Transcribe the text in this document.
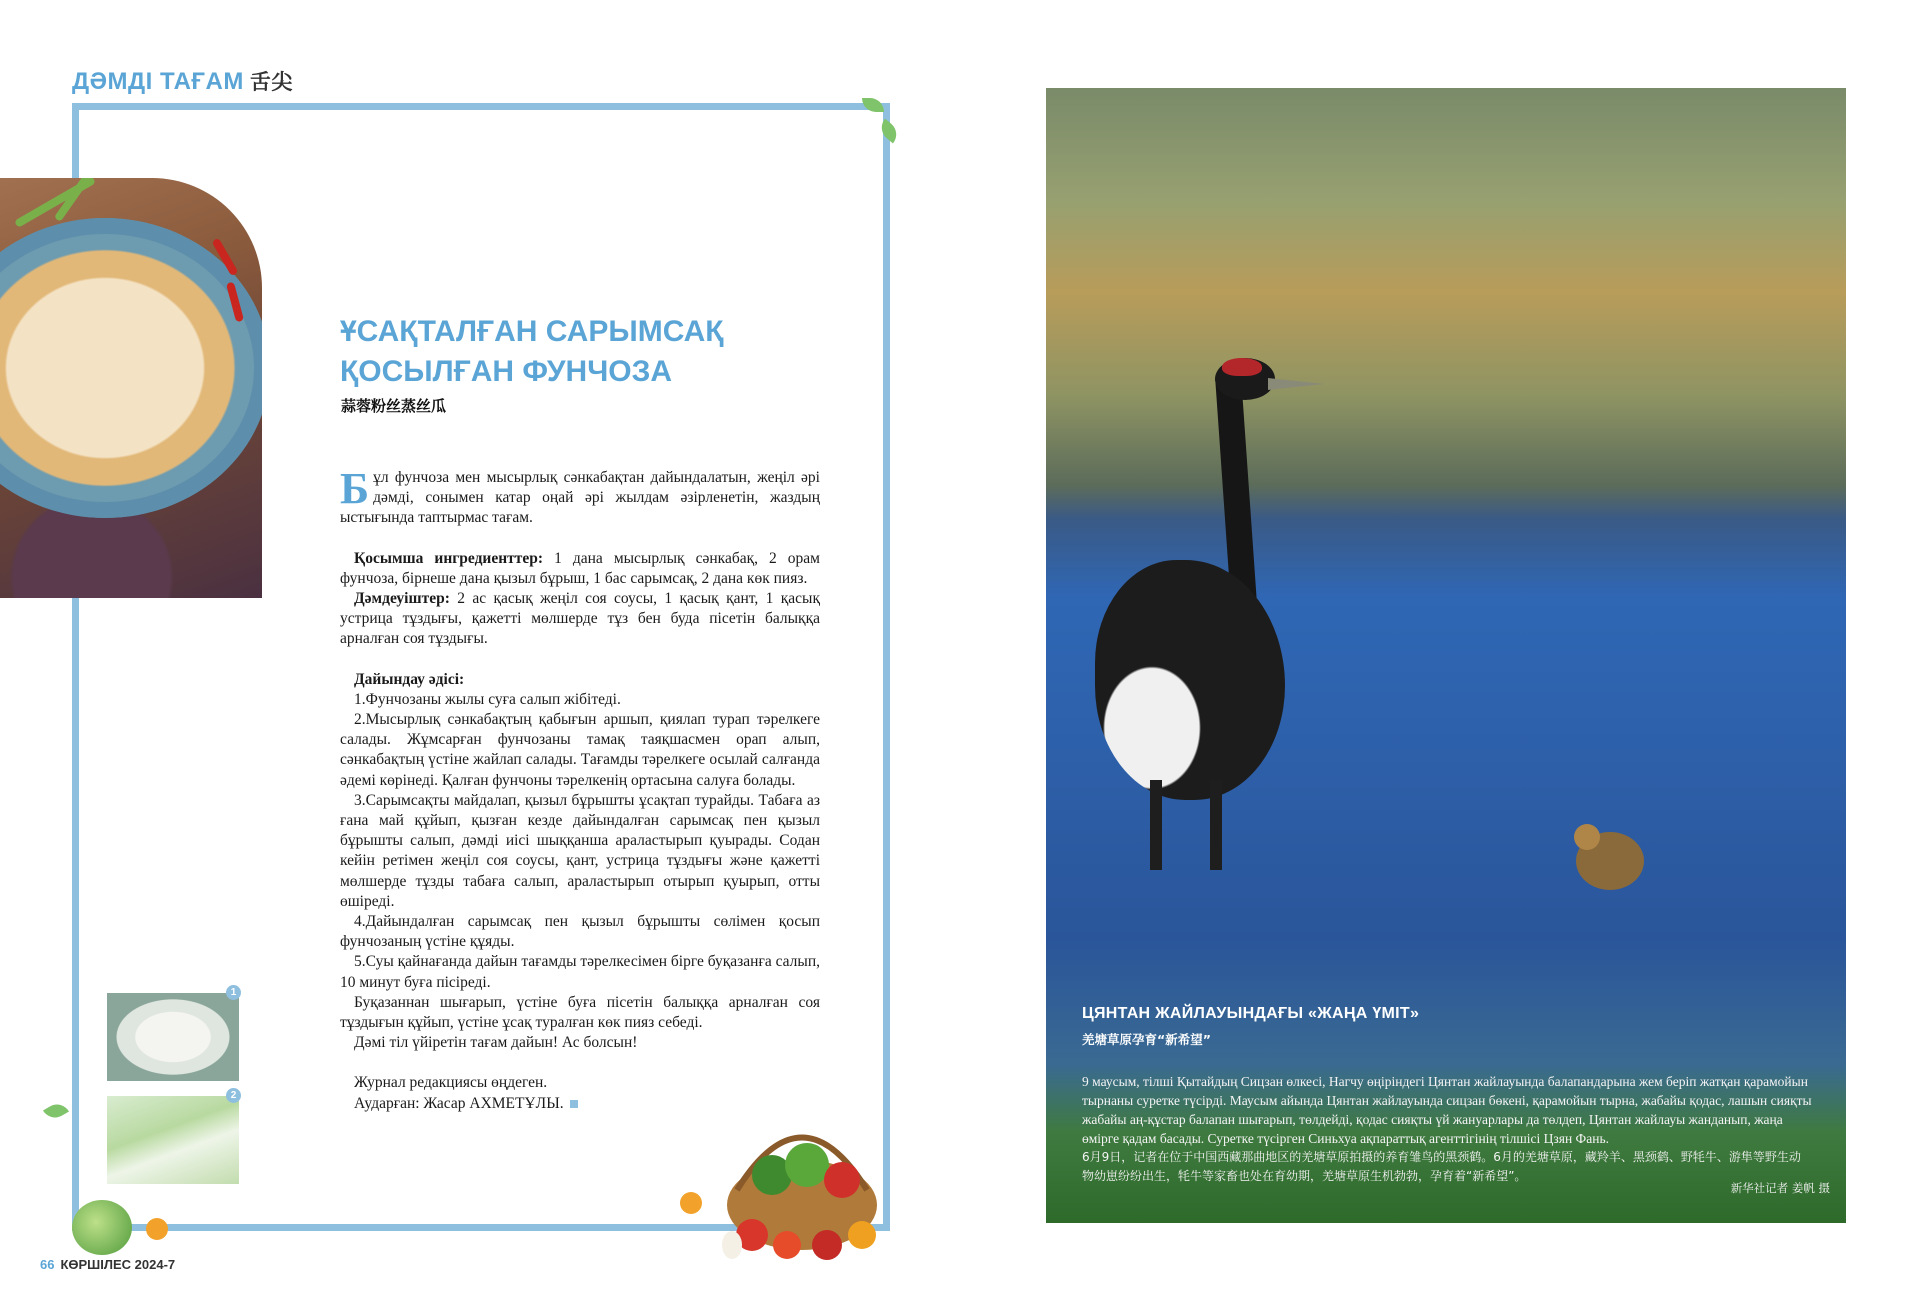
ДӘМДІ ТАҒАМ 舌尖
ҰСАҚТАЛҒАН САРЫМСАҚ ҚОСЫЛҒАН ФУНЧОЗА
蒜蓉粉丝蒸丝瓜

Бұл фунчоза мен мысырлық сәнкабақтан дайындалатын, жеңіл әрі дәмді, сонымен катар оңай әрі жылдам әзірленетін, жаздың ыстығында таптырмас тағам.

Қосымша ингредиенттер: 1 дана мысырлық сәнкабақ, 2 орам фунчоза, бірнеше дана қызыл бұрыш, 1 бас сарымсақ, 2 дана көк пияз.

Дәмдеуіштер: 2 ас қасық жеңіл соя соусы, 1 қасық қант, 1 қасық устрица тұздығы, қажетті мөлшерде тұз бен буда пісетін балыққа арналған соя тұздығы.

Дайындау әдісі:

1.Фунчозаны жылы суға салып жібітеді.

2.Мысырлық сәнкабақтың қабығын аршып, қиялап турап тәрелкеге салады. Жұмсарған фунчозаны тамақ таяқшасмен орап алып, сәнкабақтың үстіне жайлап салады. Тағамды тәрелкеге осылай салғанда әдемі көрінеді. Қалған фунчоны тәрелкенің ортасына салуға болады.

3.Сарымсақты майдалап, қызыл бұрышты ұсақтап турайды. Табаға аз ғана май құйып, қызған кезде дайындалған сарымсақ пен қызыл бұрышты салып, дәмді иісі шыққанша араластырып қуырады. Содан кейін ретімен жеңіл соя соусы, қант, устрица тұздығы және қажетті мөлшерде тұзды табаға салып, араластырып отырып қуырып, отты өшіреді.

4.Дайындалған сарымсақ пен қызыл бұрышты сөлімен қосып фунчозаның үстіне құяды.

5.Суы қайнағанда дайын тағамды тәрелкесімен бірге буқазанға салып, 10 минут буға пісіреді.

Буқазаннан шығарып, үстіне буға пісетін балыққа арналған соя тұздығын құйып, үстіне ұсақ туралған көк пияз себеді.

Дәмі тіл үйіретін тағам дайын! Ас болсын!

Журнал редакциясы өңдеген.

Аударған: Жасар АХМЕТҰЛЫ.

1
2
66 КӨРШІЛЕС 2024-7
ЦЯНТАН ЖАЙЛАУЫНДАҒЫ «ЖАҢА ҮМІТ»
羌塘草原孕育“新希望”
9 маусым, тілші Қытайдың Сицзан өлкесі, Нагчу өңіріндегі Цянтан жайлауында балапандарына жем беріп жатқан қарамойын тырнаны суретке түсірді. Маусым айында Цянтан жайлауында сицзан бөкені, қарамойын тырна, жабайы қодас, лашын сияқты жабайы аң-құстар балапан шығарып, төлдейді, қодас сияқты үй жануарлары да төлдеп, Цянтан жайлауы жанданып, жаңа өмірге қадам басады. Суретке түсірген Синьхуа ақпараттық агенттігінің тілшісі Цзян Фань.
6月9日，记者在位于中国西藏那曲地区的羌塘草原拍摄的养育雏鸟的黑颈鹤。6月的羌塘草原，藏羚羊、黑颈鹤、野牦牛、游隼等野生动物幼崽纷纷出生，牦牛等家畜也处在育幼期，羌塘草原生机勃勃，孕育着“新希望”。
新华社记者 姜帆 摄
